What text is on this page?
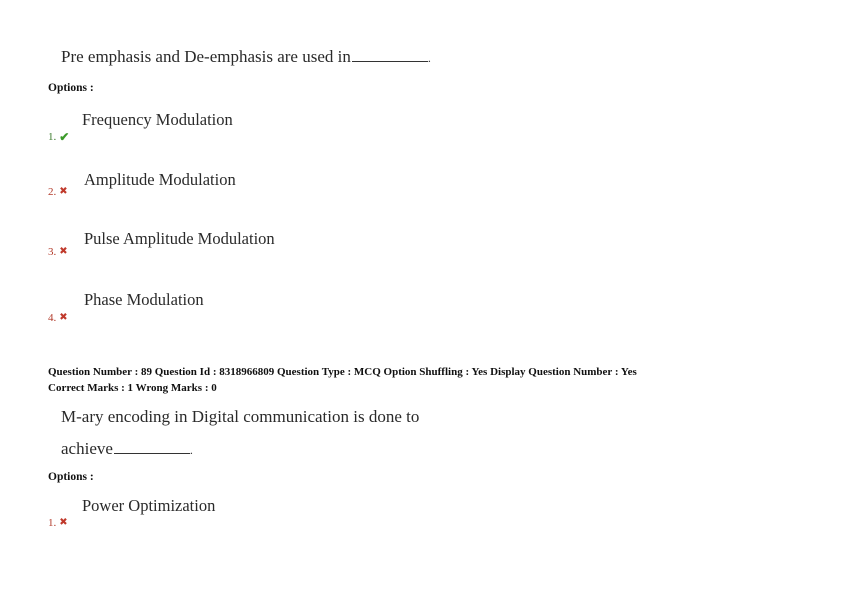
Pre emphasis and De-emphasis are used in	.
Options :
Frequency Modulation
1. ✔
Amplitude Modulation
2. ✖
Pulse Amplitude Modulation
3. ✖
Phase Modulation
4. ✖
Question Number : 89 Question Id : 8318966809 Question Type : MCQ Option Shuffling : Yes Display Question Number : Yes
Correct Marks : 1 Wrong Marks : 0
M-ary encoding in Digital communication is done to
achieve	.
Options :
Power Optimization
1. ✖
